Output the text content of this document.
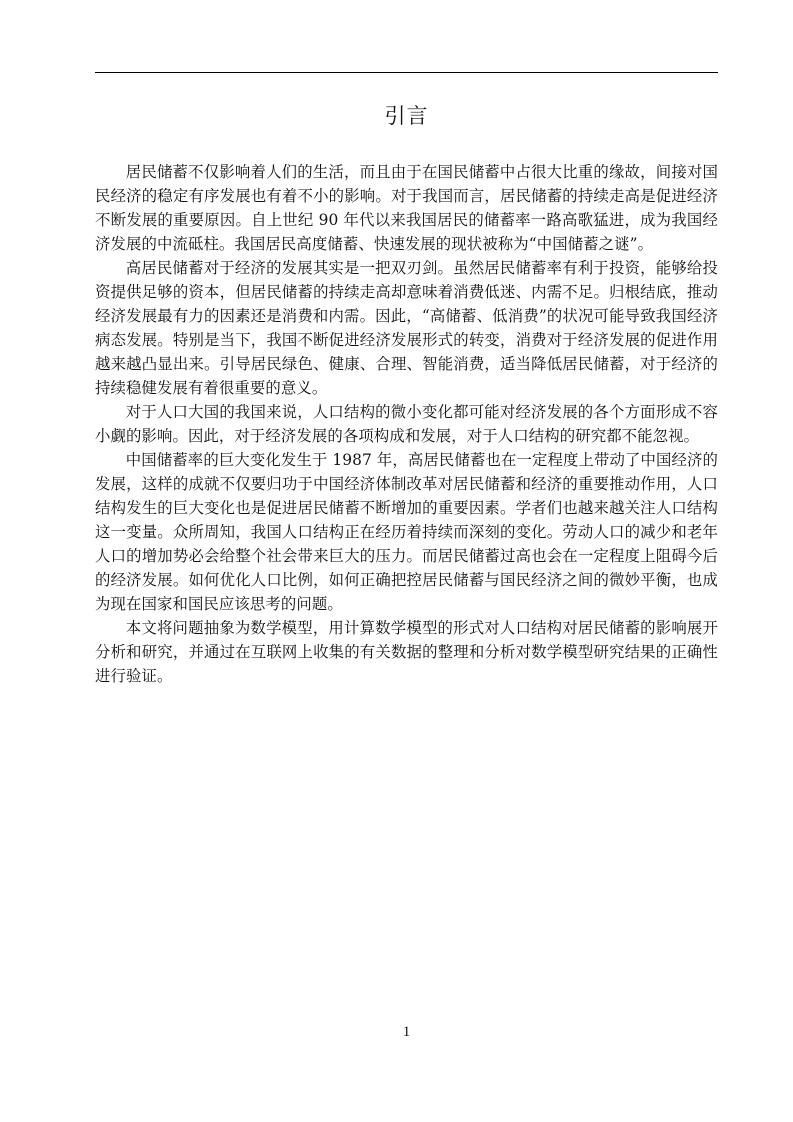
引言

居民储蓄不仅影响着人们的生活，而且由于在国民储蓄中占很大比重的缘故，间接对国民经济的稳定有序发展也有着不小的影响。对于我国而言，居民储蓄的持续走高是促进经济不断发展的重要原因。自上世纪 90 年代以来我国居民的储蓄率一路高歌猛进，成为我国经济发展的中流砥柱。我国居民高度储蓄、快速发展的现状被称为“中国储蓄之谜”。

高居民储蓄对于经济的发展其实是一把双刃剑。虽然居民储蓄率有利于投资，能够给投资提供足够的资本，但居民储蓄的持续走高却意味着消费低迷、内需不足。归根结底，推动经济发展最有力的因素还是消费和内需。因此，“高储蓄、低消费”的状况可能导致我国经济病态发展。特别是当下，我国不断促进经济发展形式的转变，消费对于经济发展的促进作用越来越凸显出来。引导居民绿色、健康、合理、智能消费，适当降低居民储蓄，对于经济的持续稳健发展有着很重要的意义。

对于人口大国的我国来说，人口结构的微小变化都可能对经济发展的各个方面形成不容小觑的影响。因此，对于经济发展的各项构成和发展，对于人口结构的研究都不能忽视。

中国储蓄率的巨大变化发生于 1987 年，高居民储蓄也在一定程度上带动了中国经济的发展，这样的成就不仅要归功于中国经济体制改革对居民储蓄和经济的重要推动作用，人口结构发生的巨大变化也是促进居民储蓄不断增加的重要因素。学者们也越来越关注人口结构这一变量。众所周知，我国人口结构正在经历着持续而深刻的变化。劳动人口的减少和老年人口的增加势必会给整个社会带来巨大的压力。而居民储蓄过高也会在一定程度上阻碍今后的经济发展。如何优化人口比例，如何正确把控居民储蓄与国民经济之间的微妙平衡，也成为现在国家和国民应该思考的问题。

本文将问题抽象为数学模型，用计算数学模型的形式对人口结构对居民储蓄的影响展开分析和研究，并通过在互联网上收集的有关数据的整理和分析对数学模型研究结果的正确性进行验证。

1
